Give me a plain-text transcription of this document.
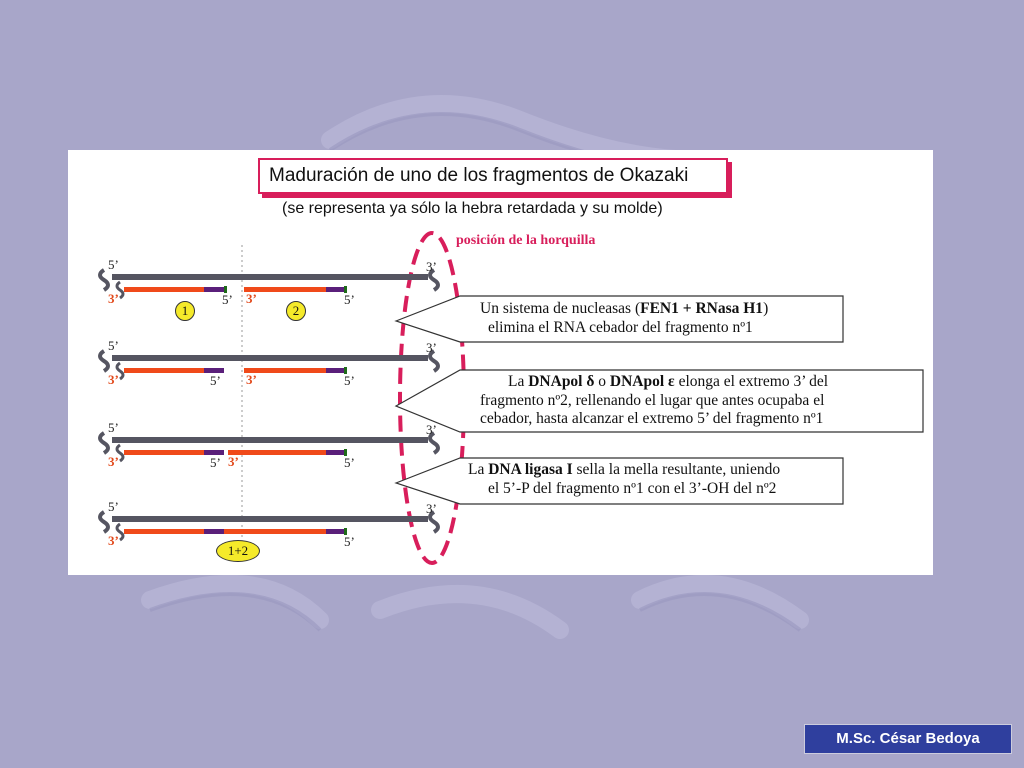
Maduración de uno de los fragmentos de Okazaki
(se representa ya sólo la hebra retardada y su molde)
posición de la horquilla
5’	3’
3’	5’ 3’	5’
1	2
5’	3’
3’	5’ 3’	5’
5’	3’
3’	5’ 3’	5’
5’	3’
3’	5’
1+2
Un sistema de nucleasas (FEN1 + RNasa H1)
elimina el RNA cebador del fragmento nº1
La DNApol δ o DNApol ε elonga el extremo 3’ del
fragmento nº2, rellenando el lugar que antes ocupaba el
cebador, hasta alcanzar el extremo 5’ del fragmento nº1
La DNA ligasa I sella la mella resultante, uniendo
el 5’-P del fragmento nº1 con el 3’-OH del nº2
M.Sc. César Bedoya
